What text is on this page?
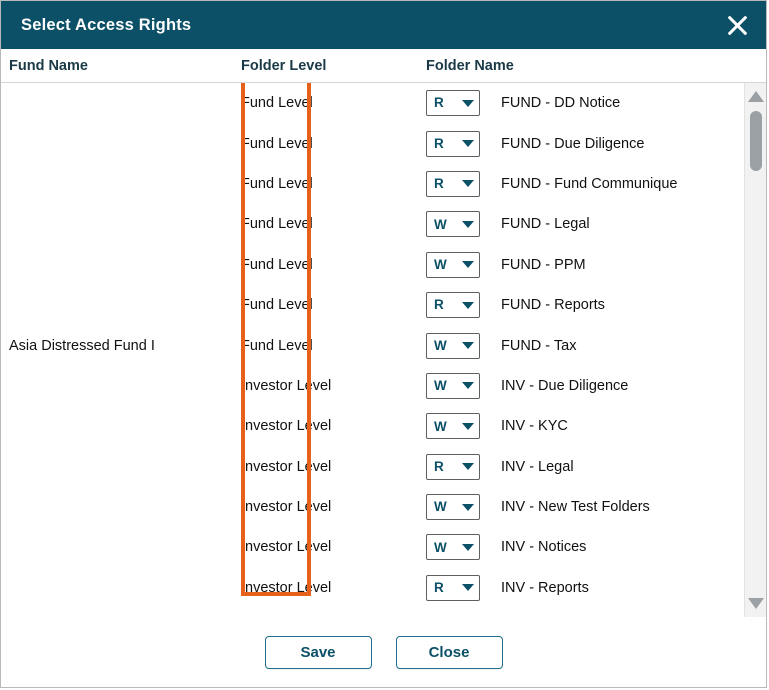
Select Access Rights
Fund Name	Folder Level	Folder Name
Asia Distressed Fund I
Fund Level	R	FUND - DD Notice
Fund Level	R	FUND - Due Diligence
Fund Level	R	FUND - Fund Communique
Fund Level	W	FUND - Legal
Fund Level	W	FUND - PPM
Fund Level	R	FUND - Reports
Fund Level	W	FUND - Tax
Investor Level	W	INV - Due Diligence
Investor Level	W	INV - KYC
Investor Level	R	INV - Legal
Investor Level	W	INV - New Test Folders
Investor Level	W	INV - Notices
Investor Level	R	INV - Reports
Save	Close
